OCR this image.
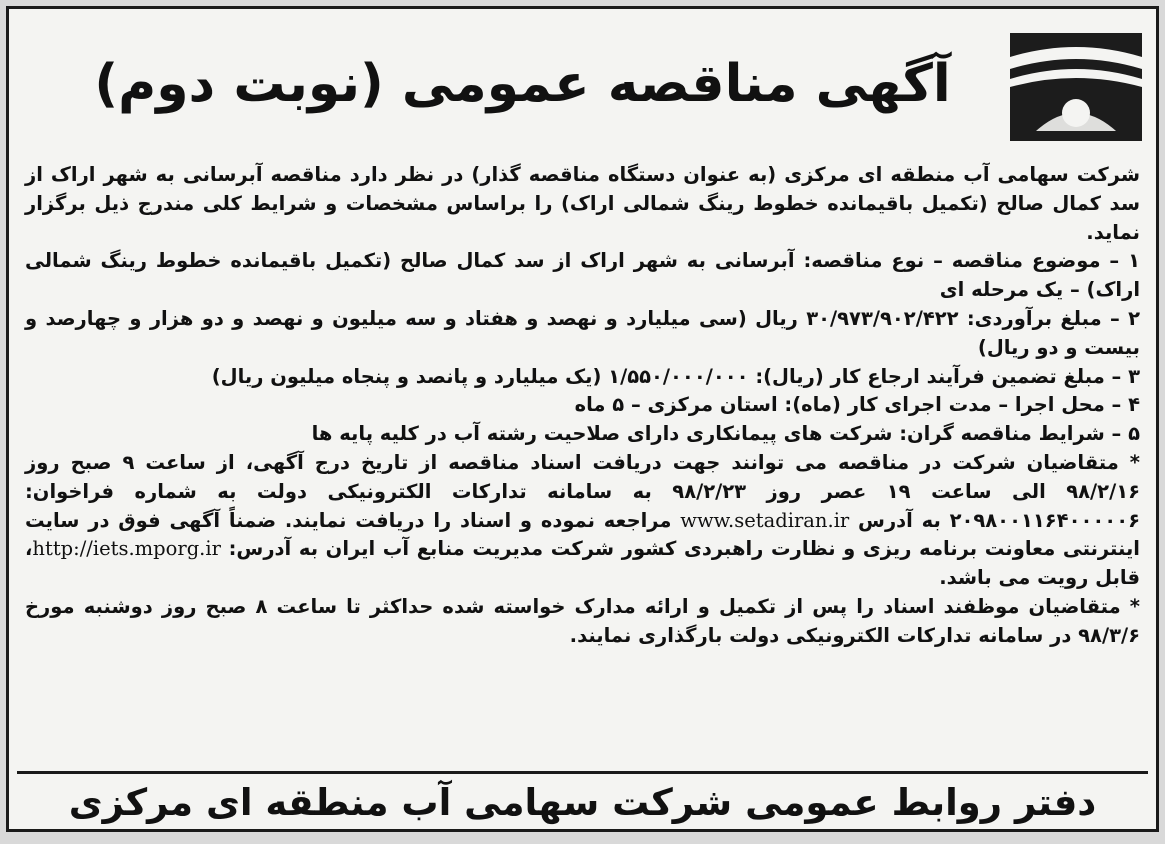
آگهی مناقصه عمومی (نوبت دوم)

شرکت سهامی آب منطقه ای مرکزی (به عنوان دستگاه مناقصه گذار) در نظر دارد مناقصه آبرسانی به شهر اراک از سد کمال صالح (تکمیل باقیمانده خطوط رینگ شمالی اراک) را براساس مشخصات و شرایط کلی مندرج ذیل برگزار نماید.

۱ – موضوع مناقصه – نوع مناقصه: آبرسانی به شهر اراک از سد کمال صالح (تکمیل باقیمانده خطوط رینگ شمالی اراک) – یک مرحله ای

۲ – مبلغ برآوردی: ۳۰/۹۷۳/۹۰۲/۴۲۲ ریال (سی میلیارد و نهصد و هفتاد و سه میلیون و نهصد و دو هزار و چهارصد و بیست و دو ریال)

۳ – مبلغ تضمین فرآیند ارجاع کار (ریال): ۱/۵۵۰/۰۰۰/۰۰۰ (یک میلیارد و پانصد و پنجاه میلیون ریال)

۴ – محل اجرا – مدت اجرای کار (ماه): استان مرکزی – ۵ ماه

۵ – شرایط مناقصه گران: شرکت های پیمانکاری دارای صلاحیت رشته آب در کلیه پایه ها

* متقاضیان شرکت در مناقصه می توانند جهت دریافت اسناد مناقصه از تاریخ درج آگهی، از ساعت ۹ صبح روز ۹۸/۲/۱۶ الی ساعت ۱۹ عصر روز ۹۸/۲/۲۳ به سامانه تدارکات الکترونیکی دولت به شماره فراخوان: ۲۰۹۸۰۰۱۱۶۴۰۰۰۰۰۶ به آدرس www.setadiran.ir مراجعه نموده و اسناد را دریافت نمایند. ضمناً آگهی فوق در سایت اینترنتی معاونت برنامه ریزی و نظارت راهبردی کشور شرکت مدیریت منابع آب ایران به آدرس: http://iets.mporg.ir، قابل رویت می باشد.

* متقاضیان موظفند اسناد را پس از تکمیل و ارائه مدارک خواسته شده حداکثر تا ساعت ۸ صبح روز دوشنبه مورخ ۹۸/۳/۶ در سامانه تدارکات الکترونیکی دولت بارگذاری نمایند.

دفتر روابط عمومی شرکت سهامی آب منطقه ای مرکزی
